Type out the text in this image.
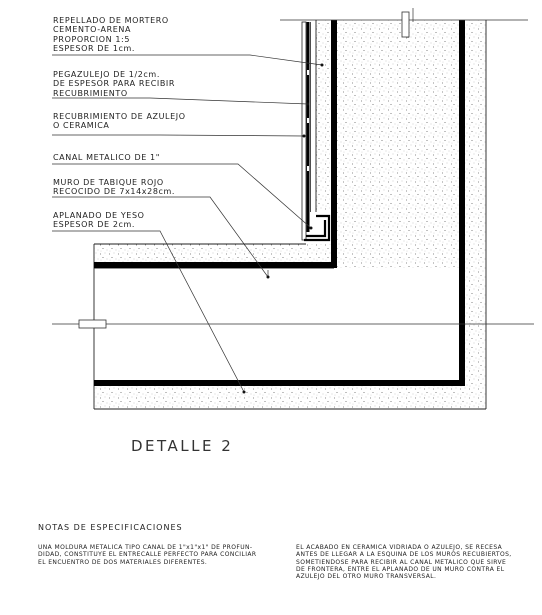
REPELLADO DE MORTERO
CEMENTO-ARENA
PROPORCION 1:5
ESPESOR DE 1cm.
PEGAZULEJO DE 1/2cm.
DE ESPESOR PARA RECIBIR
RECUBRIMIENTO
RECUBRIMIENTO DE AZULEJO
O CERAMICA
CANAL METALICO DE 1"
MURO DE TABIQUE ROJO
RECOCIDO DE 7x14x28cm.
APLANADO DE YESO
ESPESOR DE 2cm.
DETALLE 2
NOTAS DE ESPECIFICACIONES
UNA MOLDURA METALICA TIPO CANAL DE 1"x1"x1" DE PROFUN-
DIDAD, CONSTITUYE EL ENTRECALLE PERFECTO PARA CONCILIAR
EL ENCUENTRO DE DOS MATERIALES DIFERENTES.
EL ACABADO EN CERAMICA VIDRIADA O AZULEJO, SE RECESA
ANTES DE LLEGAR A LA ESQUINA DE LOS MUROS RECUBIERTOS,
SOMETIENDOSE PARA RECIBIR AL CANAL METALICO QUE SIRVE
DE FRONTERA, ENTRE EL APLANADO DE UN MURO CONTRA EL
AZULEJO DEL OTRO MURO TRANSVERSAL.
